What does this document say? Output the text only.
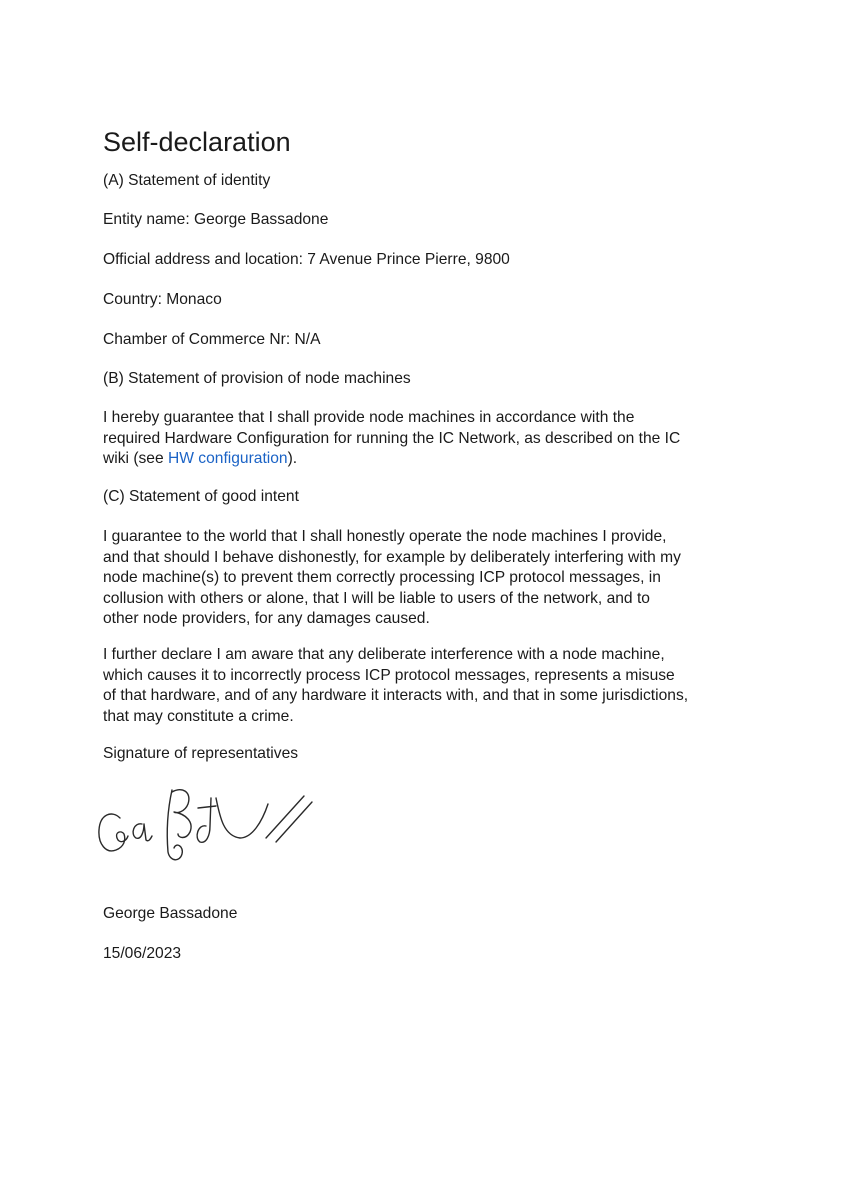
Self-declaration
(A) Statement of identity
Entity name: George Bassadone
Official address and location: 7 Avenue Prince Pierre, 9800
Country: Monaco
Chamber of Commerce Nr: N/A
(B) Statement of provision of node machines
I hereby guarantee that I shall provide node machines in accordance with the
required Hardware Configuration for running the IC Network, as described on the IC
wiki (see HW configuration).
(C) Statement of good intent
I guarantee to the world that I shall honestly operate the node machines I provide,
and that should I behave dishonestly, for example by deliberately interfering with my
node machine(s) to prevent them correctly processing ICP protocol messages, in
collusion with others or alone, that I will be liable to users of the network, and to
other node providers, for any damages caused.
I further declare I am aware that any deliberate interference with a node machine,
which causes it to incorrectly process ICP protocol messages, represents a misuse
of that hardware, and of any hardware it interacts with, and that in some jurisdictions,
that may constitute a crime.
Signature of representatives
George Bassadone
15/06/2023
